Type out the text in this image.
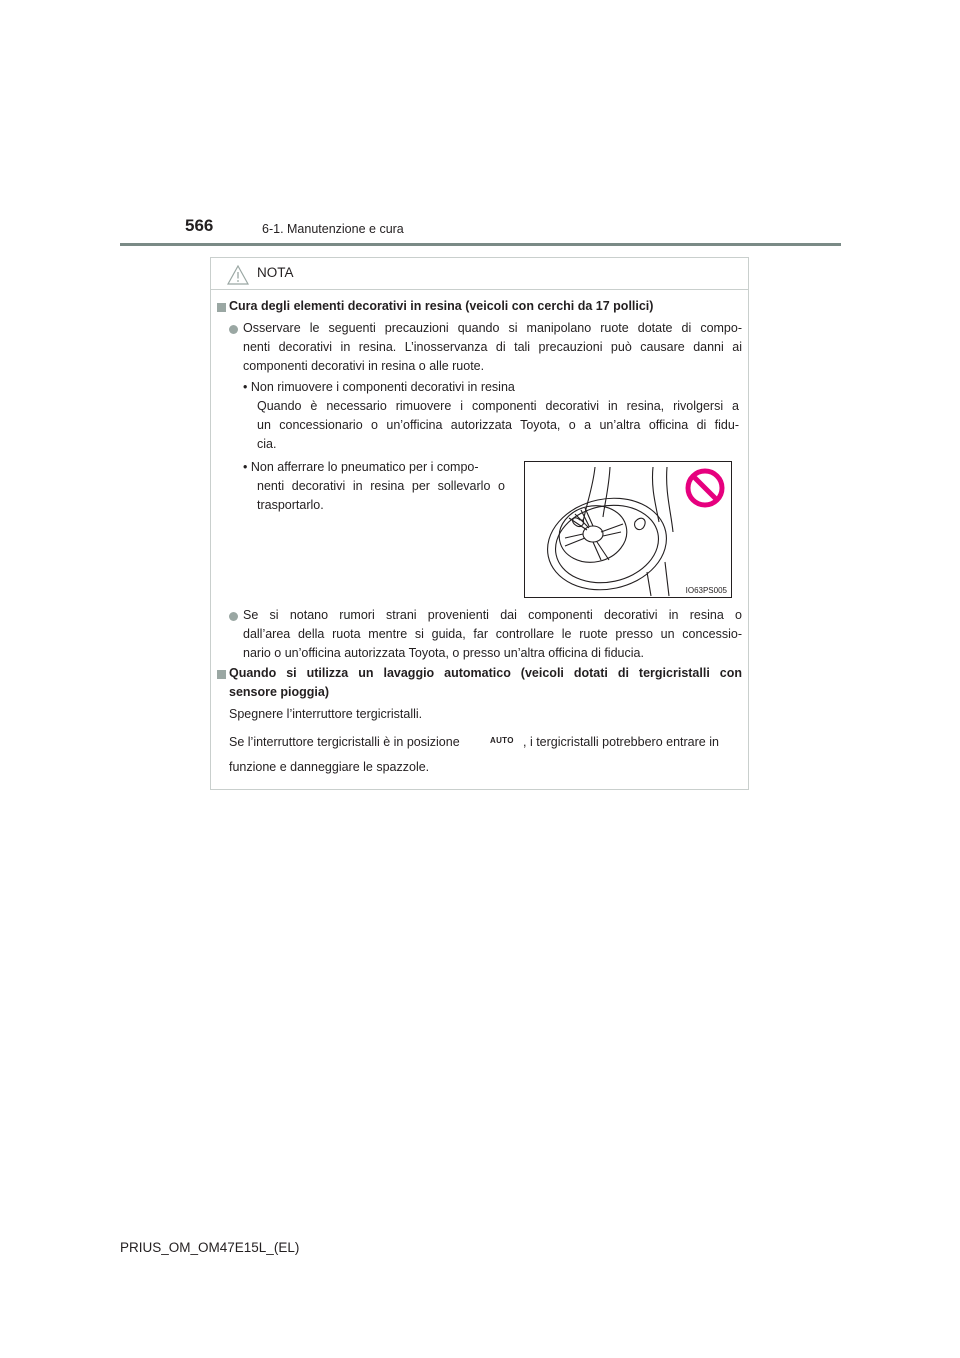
566	6-1. Manutenzione e cura
NOTA

Cura degli elementi decorativi in resina (veicoli con cerchi da 17 pollici)

Osservare le seguenti precauzioni quando si manipolano ruote dotate di compo-

nenti decorativi in resina. L’inosservanza di tali precauzioni può causare danni ai

componenti decorativi in resina o alle ruote.

• Non rimuovere i componenti decorativi in resina

Quando è necessario rimuovere i componenti decorativi in resina, rivolgersi a

un concessionario o un’officina autorizzata Toyota, o a un’altra officina di fidu-

cia.

• Non afferrare lo pneumatico per i compo-

nenti decorativi in resina per sollevarlo o

trasportarlo.

IO63PS005

Se si notano rumori strani provenienti dai componenti decorativi in resina o

dall’area della ruota mentre si guida, far controllare le ruote presso un concessio-

nario o un’officina autorizzata Toyota, o presso un’altra officina di fiducia.

Quando si utilizza un lavaggio automatico (veicoli dotati di tergicristalli con

sensore pioggia)

Spegnere l’interruttore tergicristalli.

Se l’interruttore tergicristalli è in posizione	AUTO , i tergicristalli potrebbero entrare in

funzione e danneggiare le spazzole.

PRIUS_OM_OM47E15L_(EL)
